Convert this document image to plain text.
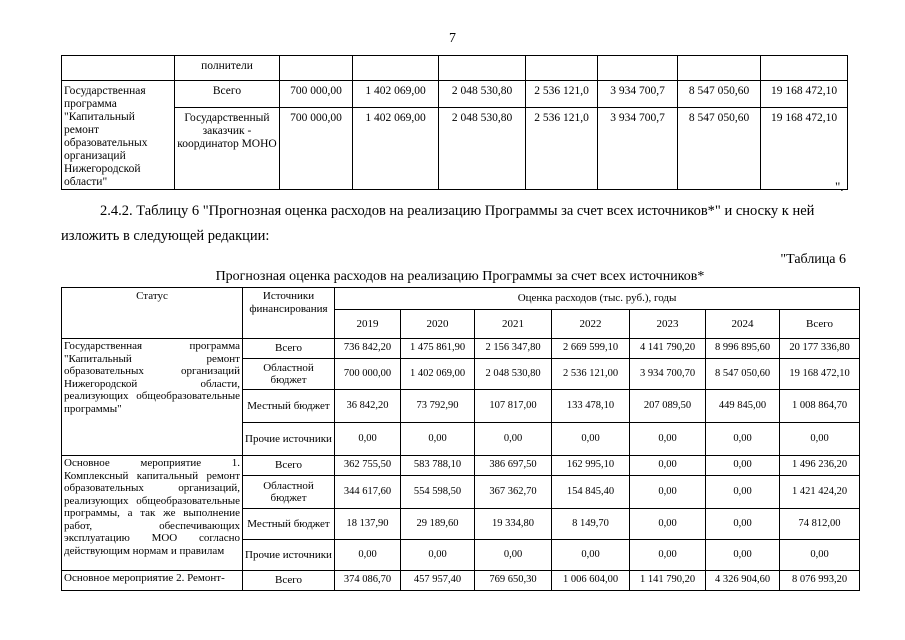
7
	полнители							
Государственная программа "Капитальный ремонт образовательных организаций Нижегородской области"	Всего	700 000,00	1 402 069,00	2 048 530,80	2 536 121,0	3 934 700,7	8 547 050,60	19 168 472,10
	Государственный заказчик - координатор МОНО	700 000,00	1 402 069,00	2 048 530,80	2 536 121,0	3 934 700,7	8 547 050,60	19 168 472,10
".
2.4.2. Таблицу 6 "Прогнозная оценка расходов на реализацию Программы за счет всех источников*" и сноску к ней
изложить в следующей редакции:
"Таблица 6
Прогнозная оценка расходов на реализацию Программы за счет всех источников*
Статус	Источники финансирования	Оценка расходов (тыс. руб.), годы						
		2019	2020	2021	2022	2023	2024	Всего
Государственная программа "Капитальный ремонт образовательных организаций Нижегородской области, реализующих общеобразовательные программы"	Всего	736 842,20	1 475 861,90	2 156 347,80	2 669 599,10	4 141 790,20	8 996 895,60	20 177 336,80
	Областной бюджет	700 000,00	1 402 069,00	2 048 530,80	2 536 121,00	3 934 700,70	8 547 050,60	19 168 472,10
	Местный бюджет	36 842,20	73 792,90	107 817,00	133 478,10	207 089,50	449 845,00	1 008 864,70
	Прочие источники	0,00	0,00	0,00	0,00	0,00	0,00	0,00
Основное мероприятие 1. Комплексный капитальный ремонт образовательных организаций, реализующих общеобразовательные программы, а так же выполнение работ, обеспечивающих эксплуатацию МОО согласно действующим нормам и правилам	Всего	362 755,50	583 788,10	386 697,50	162 995,10	0,00	0,00	1 496 236,20
	Областной бюджет	344 617,60	554 598,50	367 362,70	154 845,40	0,00	0,00	1 421 424,20
	Местный бюджет	18 137,90	29 189,60	19 334,80	8 149,70	0,00	0,00	74 812,00
	Прочие источники	0,00	0,00	0,00	0,00	0,00	0,00	0,00
Основное мероприятие 2. Ремонт-	Всего	374 086,70	457 957,40	769 650,30	1 006 604,00	1 141 790,20	4 326 904,60	8 076 993,20
